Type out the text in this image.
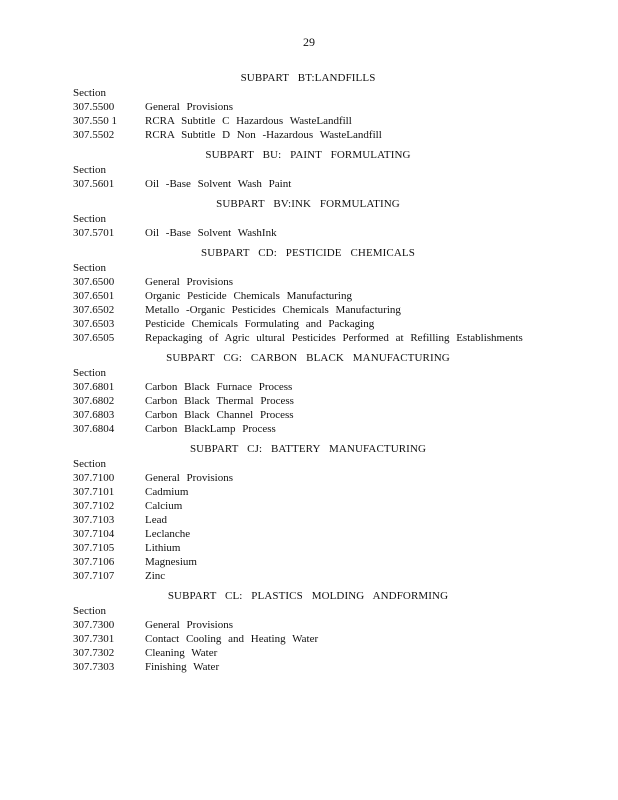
29
SUBPART BT:LANDFILLS
Section
307.5500	General Provisions
307.550 1	RCRA Subtitle C Hazardous WasteLandfill
307.5502	RCRA Subtitle D Non -Hazardous WasteLandfill
SUBPART BU: PAINT FORMULATING
Section
307.5601	Oil -Base Solvent Wash Paint
SUBPART BV:INK FORMULATING
Section
307.5701	Oil -Base Solvent WashInk
SUBPART CD: PESTICIDE CHEMICALS
Section
307.6500	General Provisions
307.6501	Organic Pesticide Chemicals Manufacturing
307.6502	Metallo -Organic Pesticides Chemicals Manufacturing
307.6503	Pesticide Chemicals Formulating and Packaging
307.6505	Repackaging of Agric ultural Pesticides Performed at Refilling Establishments
SUBPART CG: CARBON BLACK MANUFACTURING
Section
307.6801	Carbon Black Furnace Process
307.6802	Carbon Black Thermal Process
307.6803	Carbon Black Channel Process
307.6804	Carbon BlackLamp Process
SUBPART CJ: BATTERY MANUFACTURING
Section
307.7100	General Provisions
307.7101	Cadmium
307.7102	Calcium
307.7103	Lead
307.7104	Leclanche
307.7105	Lithium
307.7106	Magnesium
307.7107	Zinc
SUBPART CL: PLASTICS MOLDING ANDFORMING
Section
307.7300	General Provisions
307.7301	Contact Cooling and Heating Water
307.7302	Cleaning Water
307.7303	Finishing Water
